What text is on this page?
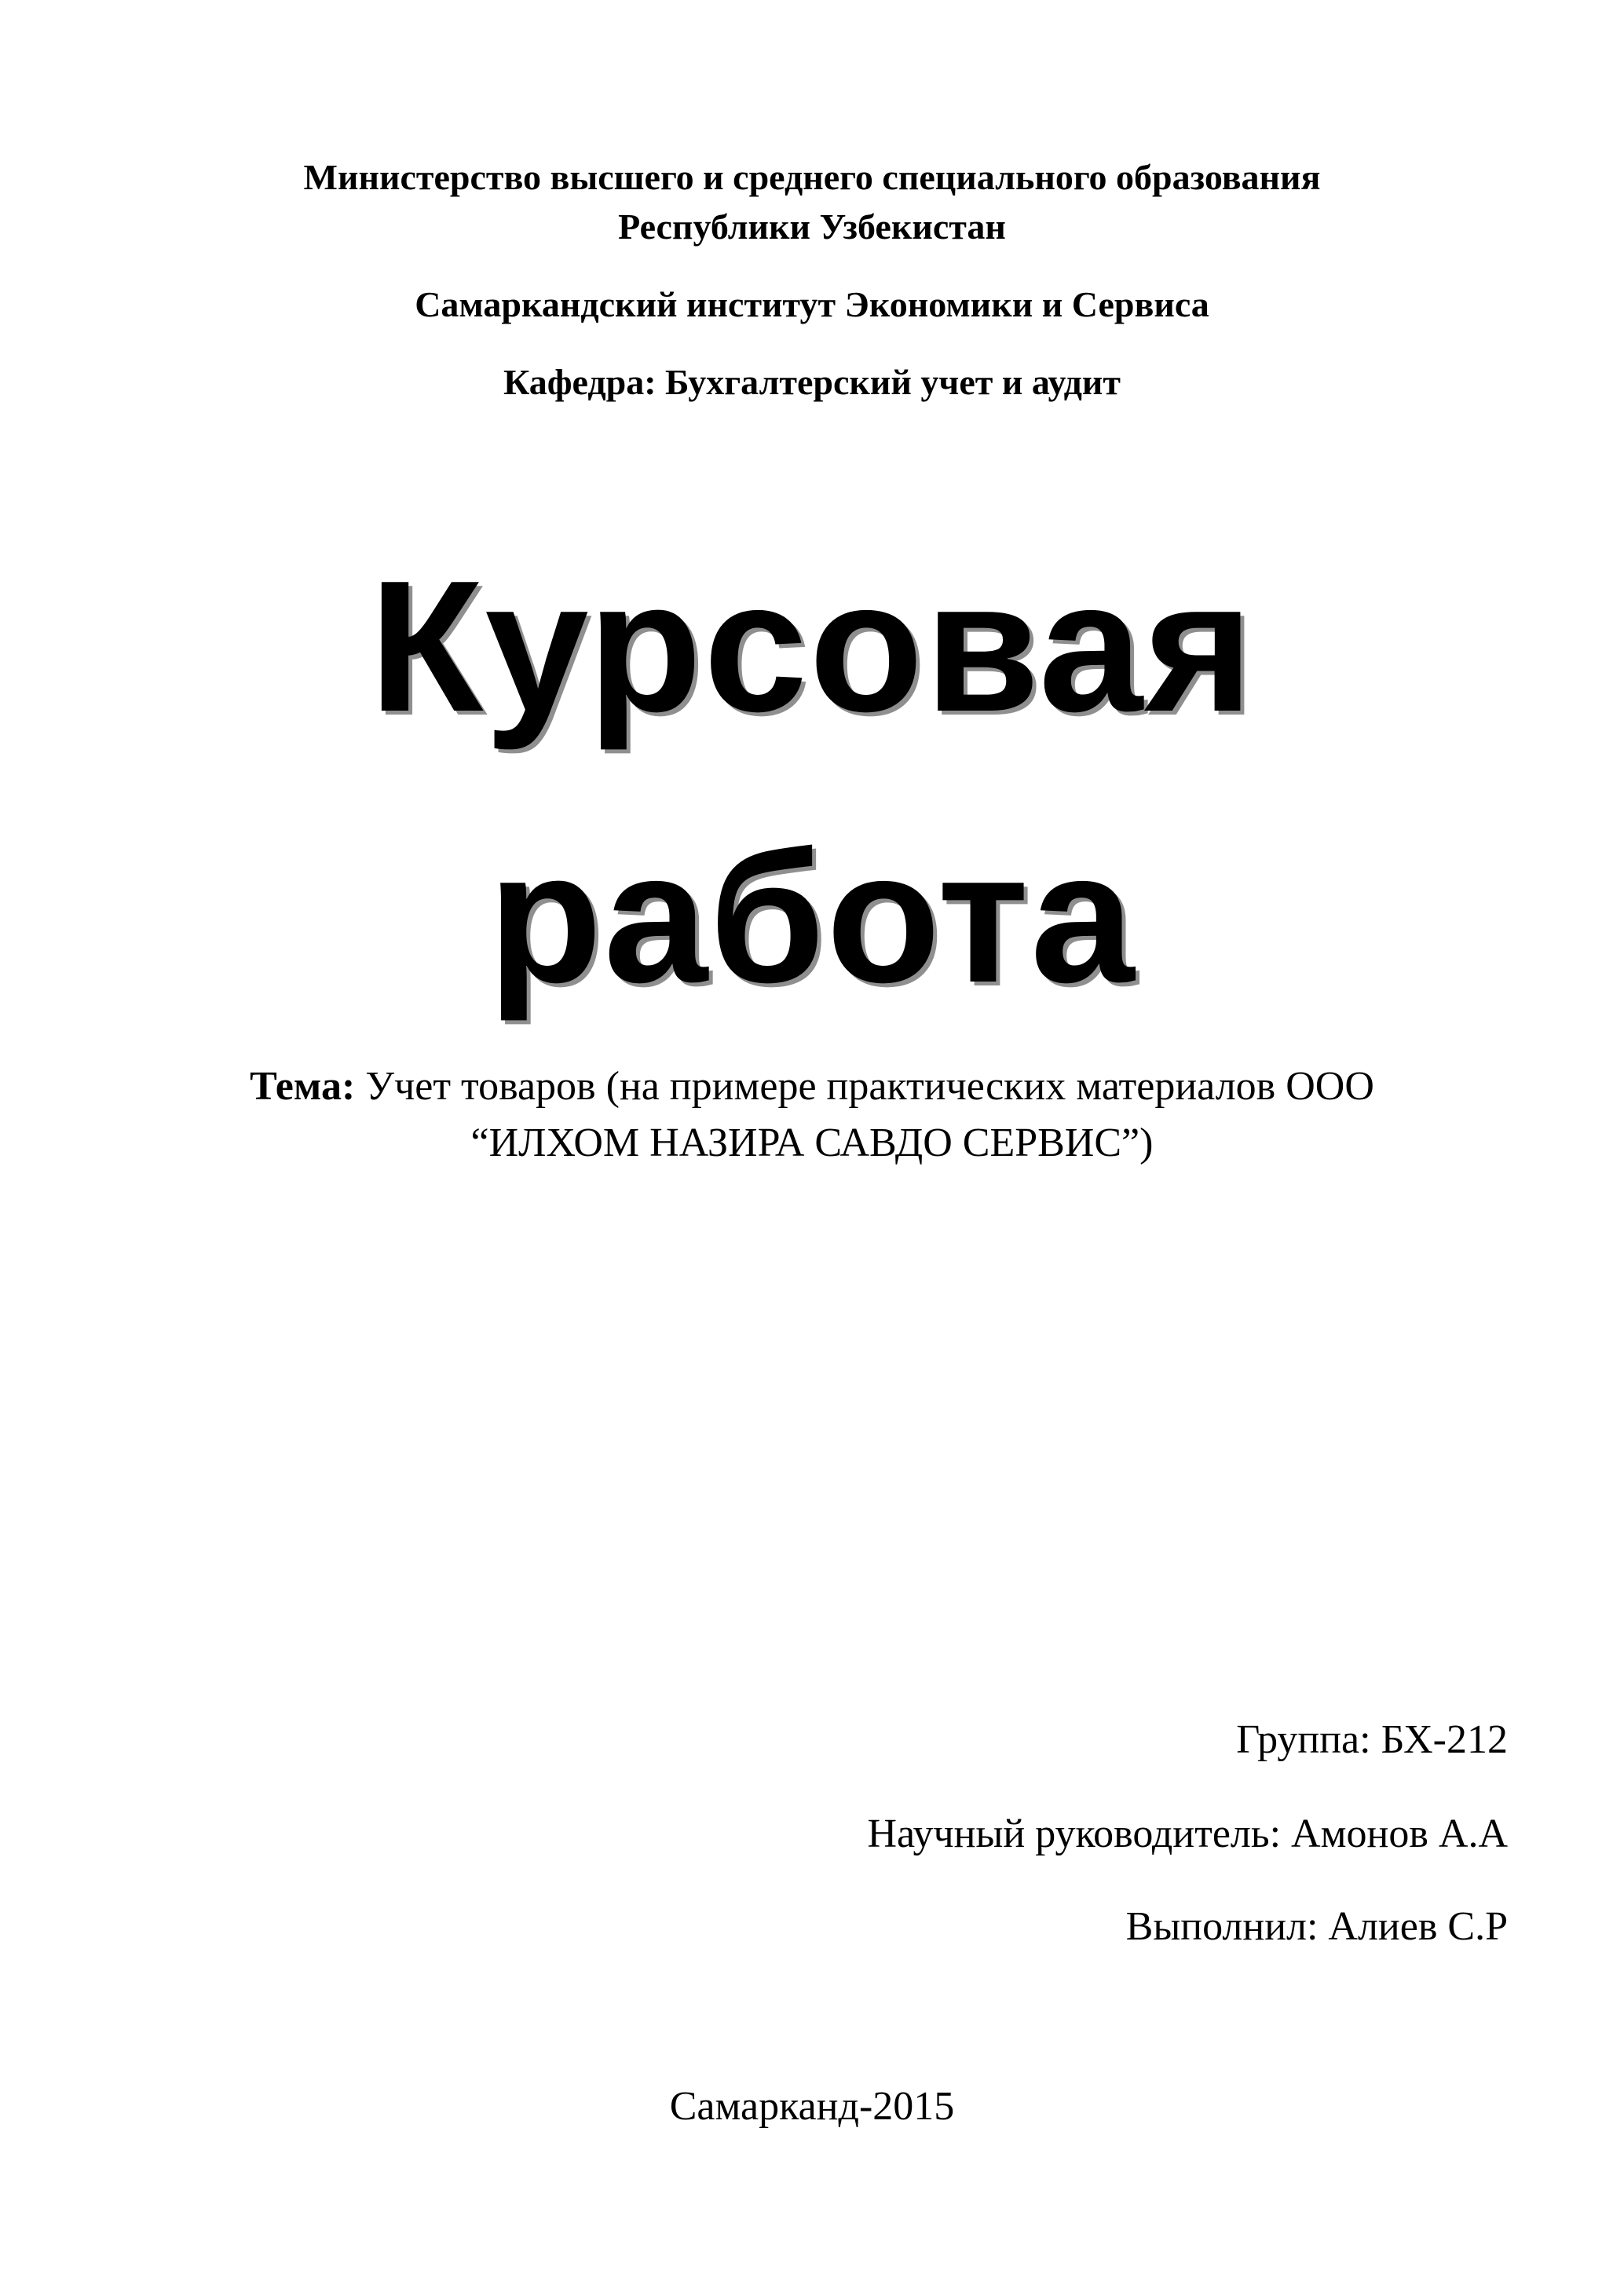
Министерство высшего и среднего специального образования
Республики Узбекистан
Самаркандский институт Экономики и Сервиса
Кафедра: Бухгалтерский учет и аудит
Курсовая
работа
Тема: Учет товаров (на примере практических материалов ООО
“ИЛХОМ НАЗИРА САВДО СЕРВИС”)
Группа: БХ-212
Научный руководитель: Амонов А.А
Выполнил: Алиев С.Р
Самарканд-2015
